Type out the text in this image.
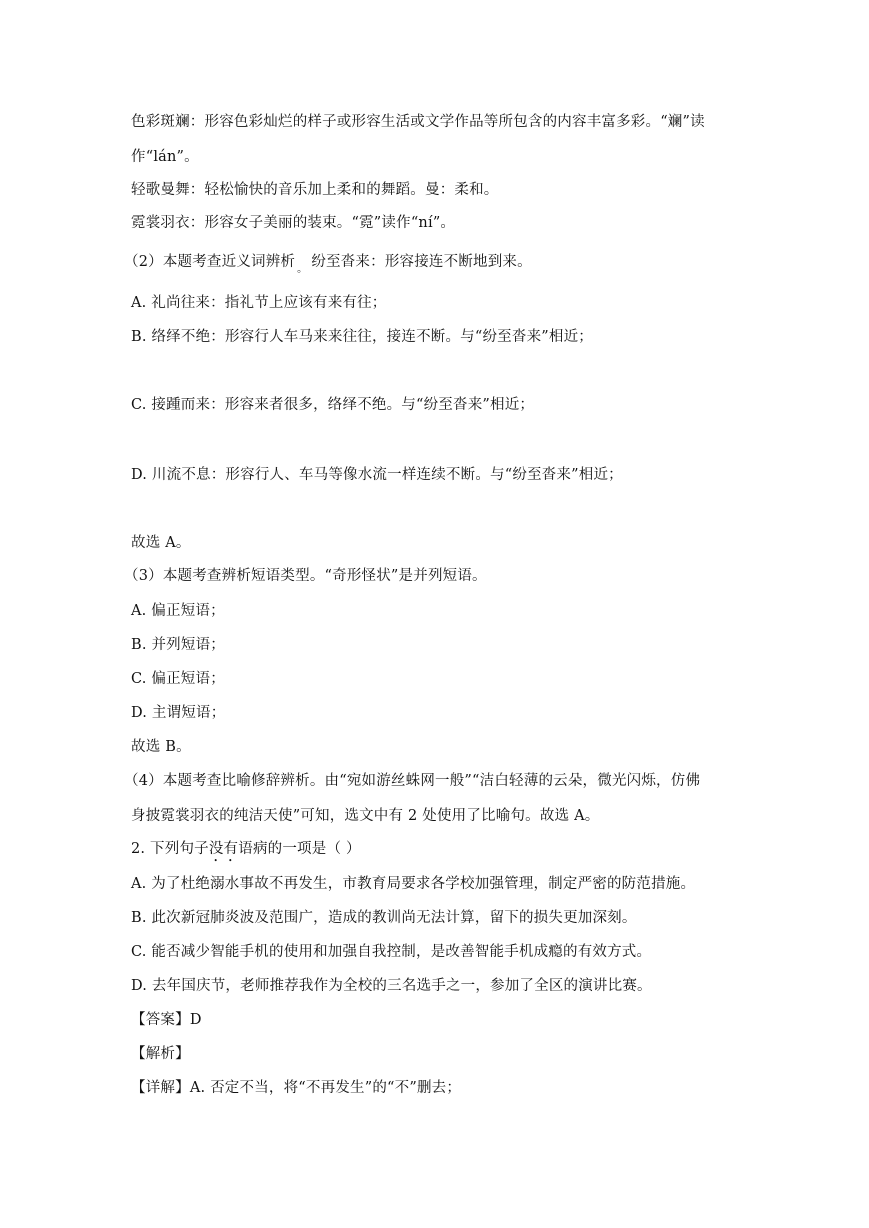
色彩斑斓：形容色彩灿烂的样子或形容生活或文学作品等所包含的内容丰富多彩。“斓”读
作“lán”。
轻歌曼舞：轻松愉快的音乐加上柔和的舞蹈。曼：柔和。
霓裳羽衣：形容女子美丽的装束。“霓”读作“ní”。
（2）本题考查近义词辨析 $_。$ 纷至沓来：形容接连不断地到来。
A. 礼尚往来：指礼节上应该有来有往；
B. 络绎不绝：形容行人车马来来往往，接连不断。与“纷至沓来”相近；
C. 接踵而来：形容来者很多，络绎不绝。与“纷至沓来”相近；
D. 川流不息：形容行人、车马等像水流一样连续不断。与“纷至沓来”相近；
故选 A。
（3）本题考查辨析短语类型。“奇形怪状”是并列短语。
A. 偏正短语；
B. 并列短语；
C. 偏正短语；
D. 主谓短语；
故选 B。
（4）本题考查比喻修辞辨析。由“宛如游丝蛛网一般”“洁白轻薄的云朵，微光闪烁，仿佛
身披霓裳羽衣的纯洁天使”可知，选文中有 2 处使用了比喻句。故选 A。
2. 下列句子没有语病的一项是（ ）
A. 为了杜绝溺水事故不再发生，市教育局要求各学校加强管理，制定严密的防范措施。
B. 此次新冠肺炎波及范围广，造成的教训尚无法计算，留下的损失更加深刻。
C. 能否减少智能手机的使用和加强自我控制，是改善智能手机成瘾的有效方式。
D. 去年国庆节，老师推荐我作为全校的三名选手之一，参加了全区的演讲比赛。
【答案】D
【解析】
【详解】A. 否定不当，将“不再发生”的“不”删去；
